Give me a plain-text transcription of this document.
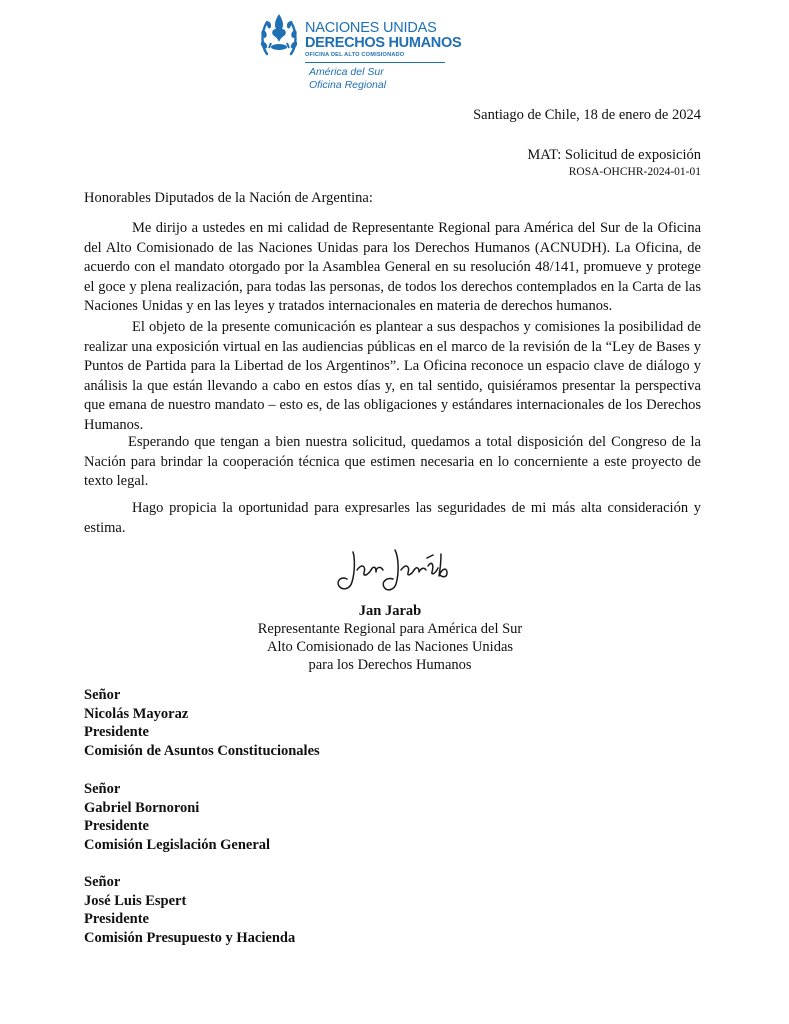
NACIONES UNIDAS
DERECHOS HUMANOS
OFICINA DEL ALTO COMISIONADO
América del Sur
Oficina Regional
Santiago de Chile, 18 de enero de 2024
MAT: Solicitud de exposición
ROSA-OHCHR-2024-01-01
Honorables Diputados de la Nación de Argentina:

Me dirijo a ustedes en mi calidad de Representante Regional para América del Sur de la Oficina del Alto Comisionado de las Naciones Unidas para los Derechos Humanos (ACNUDH). La Oficina, de acuerdo con el mandato otorgado por la Asamblea General en su resolución 48/141, promueve y protege el goce y plena realización, para todas las personas, de todos los derechos contemplados en la Carta de las Naciones Unidas y en las leyes y tratados internacionales en materia de derechos humanos.

El objeto de la presente comunicación es plantear a sus despachos y comisiones la posibilidad de realizar una exposición virtual en las audiencias públicas en el marco de la revisión de la “Ley de Bases y Puntos de Partida para la Libertad de los Argentinos”. La Oficina reconoce un espacio clave de diálogo y análisis la que están llevando a cabo en estos días y, en tal sentido, quisiéramos presentar la perspectiva que emana de nuestro mandato – esto es, de las obligaciones y estándares internacionales de los Derechos Humanos.

Esperando que tengan a bien nuestra solicitud, quedamos a total disposición del Congreso de la Nación para brindar la cooperación técnica que estimen necesaria en lo concerniente a este proyecto de texto legal.

Hago propicia la oportunidad para expresarles las seguridades de mi más alta consideración y estima.

Jan Jarab
Representante Regional para América del Sur
Alto Comisionado de las Naciones Unidas
para los Derechos Humanos
Señor
Nicolás Mayoraz
Presidente
Comisión de Asuntos Constitucionales
Señor
Gabriel Bornoroni
Presidente
Comisión Legislación General
Señor
José Luis Espert
Presidente
Comisión Presupuesto y Hacienda
